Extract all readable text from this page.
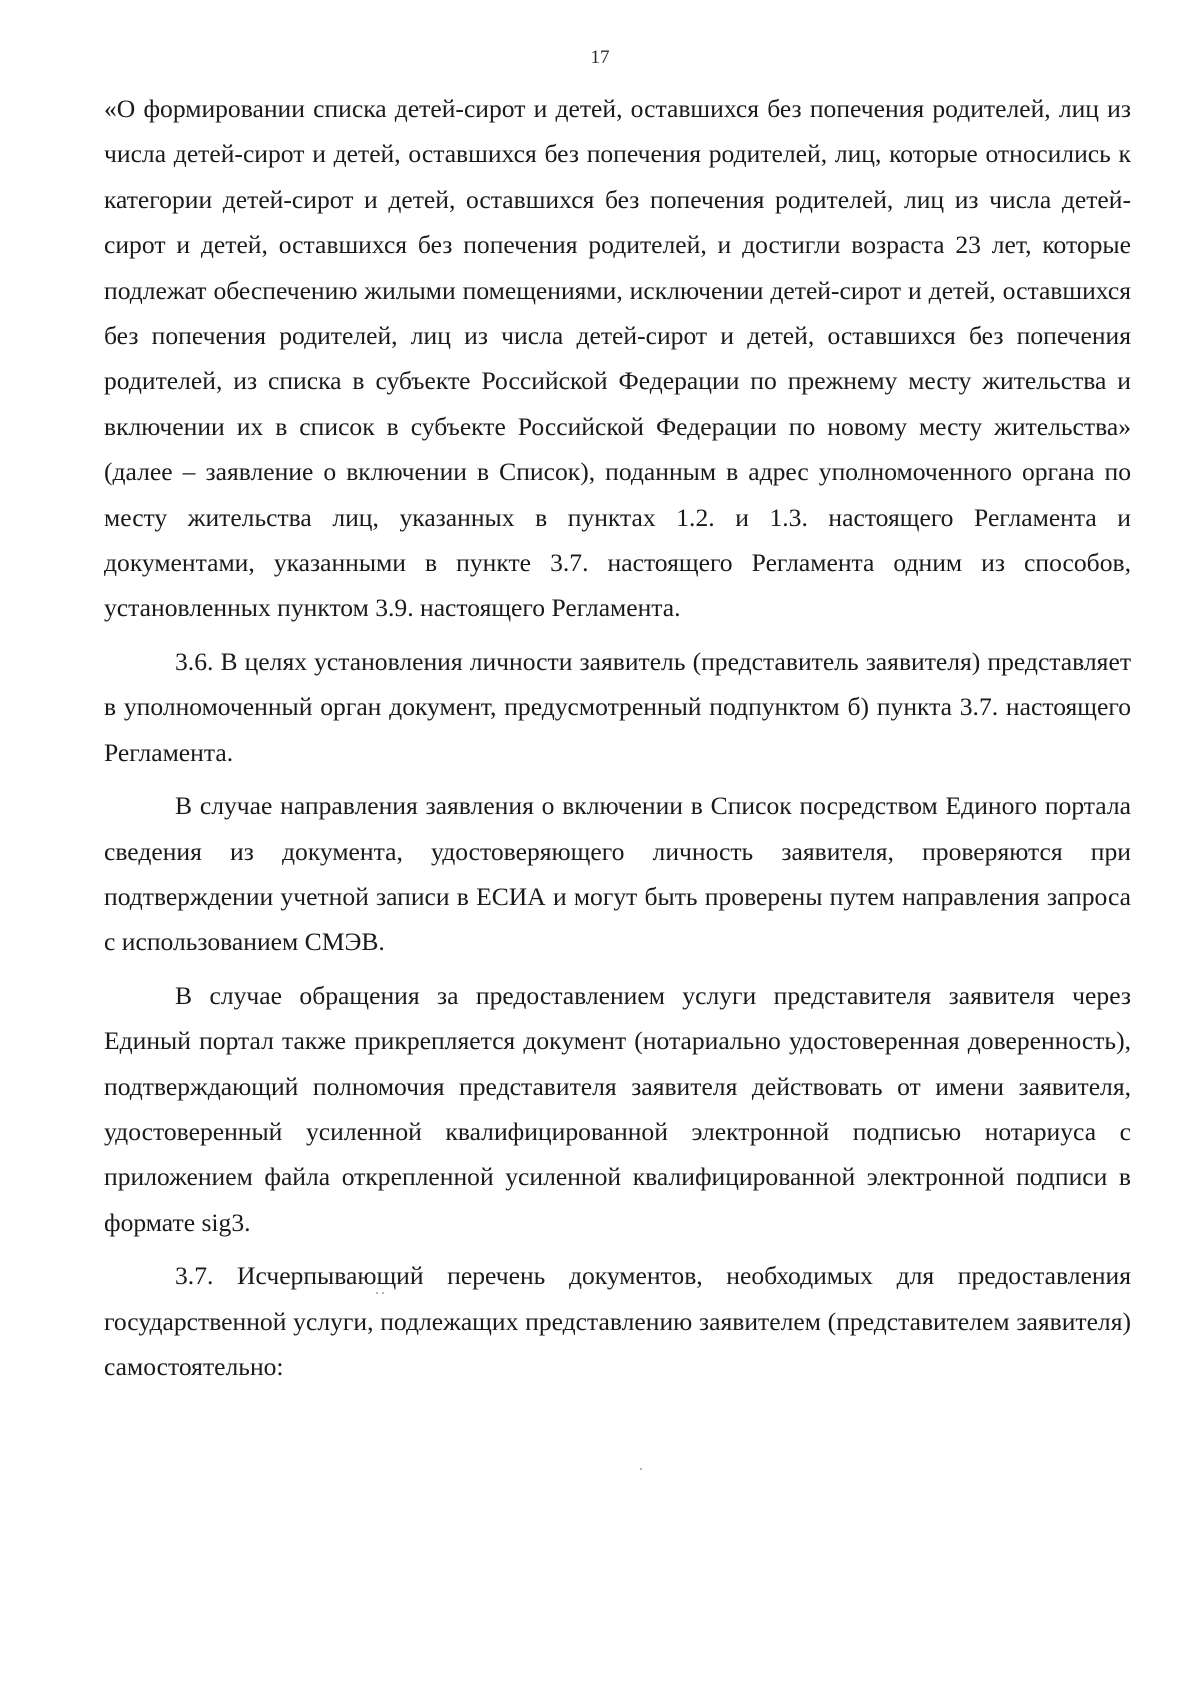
17

«О формировании списка детей-сирот и детей, оставшихся без попечения родителей, лиц из числа детей-сирот и детей, оставшихся без попечения родителей, лиц, которые относились к категории детей-сирот и детей, оставшихся без попечения родителей, лиц из числа детей-сирот и детей, оставшихся без попечения родителей, и достигли возраста 23 лет, которые подлежат обеспечению жилыми помещениями, исключении детей-сирот и детей, оставшихся без попечения родителей, лиц из числа детей-сирот и детей, оставшихся без попечения родителей, из списка в субъекте Российской Федерации по прежнему месту жительства и включении их в список в субъекте Российской Федерации по новому месту жительства» (далее – заявление о включении в Список), поданным в адрес уполномоченного органа по месту жительства лиц, указанных в пунктах 1.2. и 1.3. настоящего Регламента и документами, указанными в пункте 3.7. настоящего Регламента одним из способов, установленных пунктом 3.9. настоящего Регламента.

3.6. В целях установления личности заявитель (представитель заявителя) представляет в уполномоченный орган документ, предусмотренный подпунктом б) пункта 3.7. настоящего Регламента.

В случае направления заявления о включении в Список посредством Единого портала сведения из документа, удостоверяющего личность заявителя, проверяются при подтверждении учетной записи в ЕСИА и могут быть проверены путем направления запроса с использованием СМЭВ.

В случае обращения за предоставлением услуги представителя заявителя через Единый портал также прикрепляется документ (нотариально удостоверенная доверенность), подтверждающий полномочия представителя заявителя действовать от имени заявителя, удостоверенный усиленной квалифицированной электронной подписью нотариуса с приложением файла открепленной усиленной квалифицированной электронной подписи в формате sig3.

3.7. Исчерпывающий перечень документов, необходимых для предоставления государственной услуги, подлежащих представлению заявителем (представителем заявителя) самостоятельно:
